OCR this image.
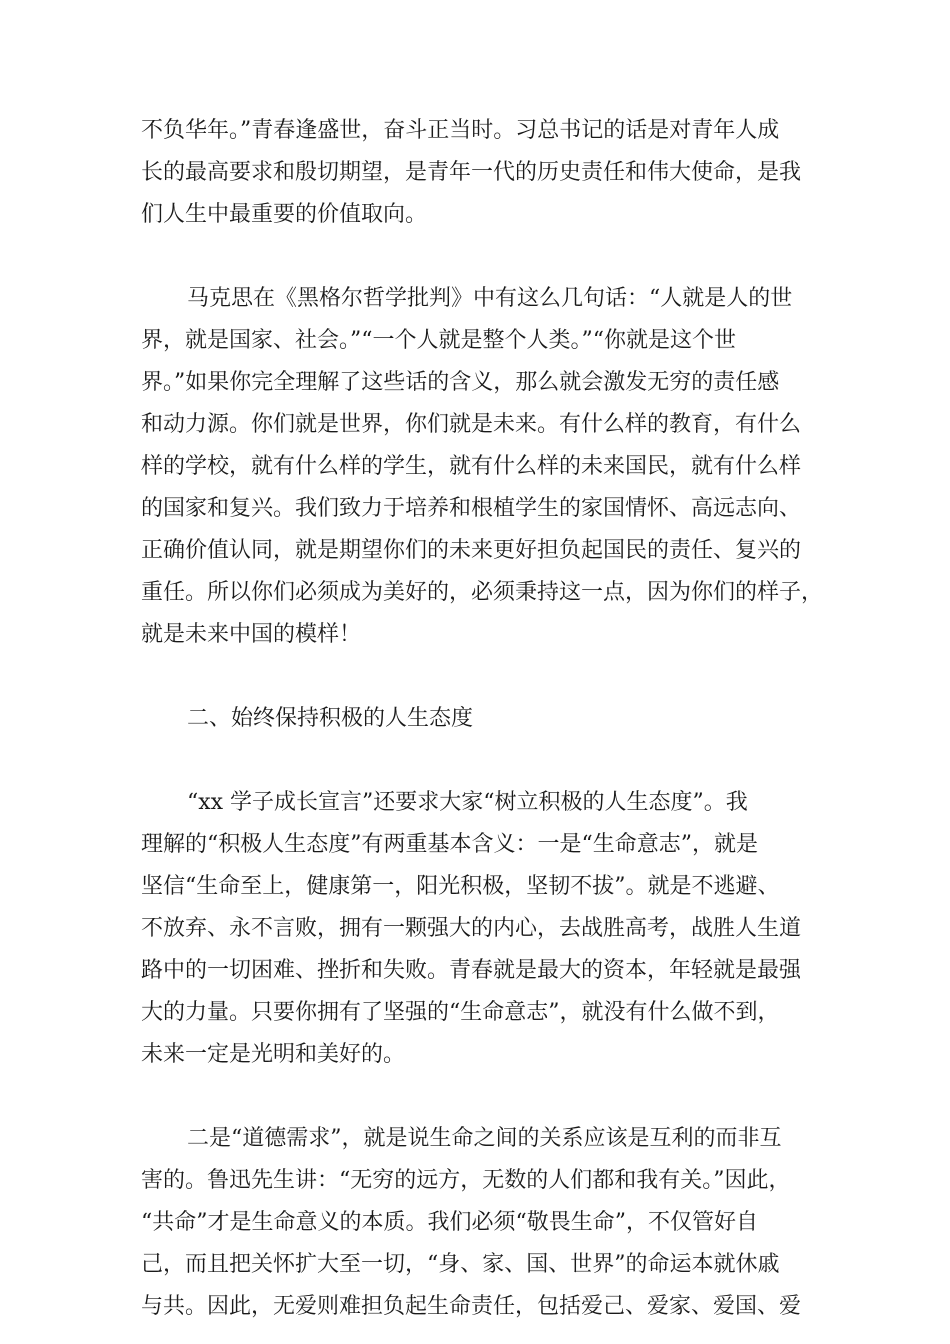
不负华年。”青春逢盛世，奋斗正当时。习总书记的话是对青年人成
长的最高要求和殷切期望，是青年一代的历史责任和伟大使命，是我
们人生中最重要的价值取向。
马克思在《黑格尔哲学批判》中有这么几句话：“人就是人的世
界，就是国家、社会。”“一个人就是整个人类。”“你就是这个世
界。”如果你完全理解了这些话的含义，那么就会激发无穷的责任感
和动力源。你们就是世界，你们就是未来。有什么样的教育，有什么
样的学校，就有什么样的学生，就有什么样的未来国民，就有什么样
的国家和复兴。我们致力于培养和根植学生的家国情怀、高远志向、
正确价值认同，就是期望你们的未来更好担负起国民的责任、复兴的
重任。所以你们必须成为美好的，必须秉持这一点，因为你们的样子，
就是未来中国的模样！
二、始终保持积极的人生态度
“xx 学子成长宣言”还要求大家“树立积极的人生态度”。我
理解的“积极人生态度”有两重基本含义：一是“生命意志”，就是
坚信“生命至上，健康第一，阳光积极，坚韧不拔”。就是不逃避、
不放弃、永不言败，拥有一颗强大的内心，去战胜高考，战胜人生道
路中的一切困难、挫折和失败。青春就是最大的资本，年轻就是最强
大的力量。只要你拥有了坚强的“生命意志”，就没有什么做不到，
未来一定是光明和美好的。
二是“道德需求”，就是说生命之间的关系应该是互利的而非互
害的。鲁迅先生讲：“无穷的远方，无数的人们都和我有关。”因此，
“共命”才是生命意义的本质。我们必须“敬畏生命”，不仅管好自
己，而且把关怀扩大至一切，“身、家、国、世界”的命运本就休戚
与共。因此，无爱则难担负起生命责任，包括爱己、爱家、爱国、爱
